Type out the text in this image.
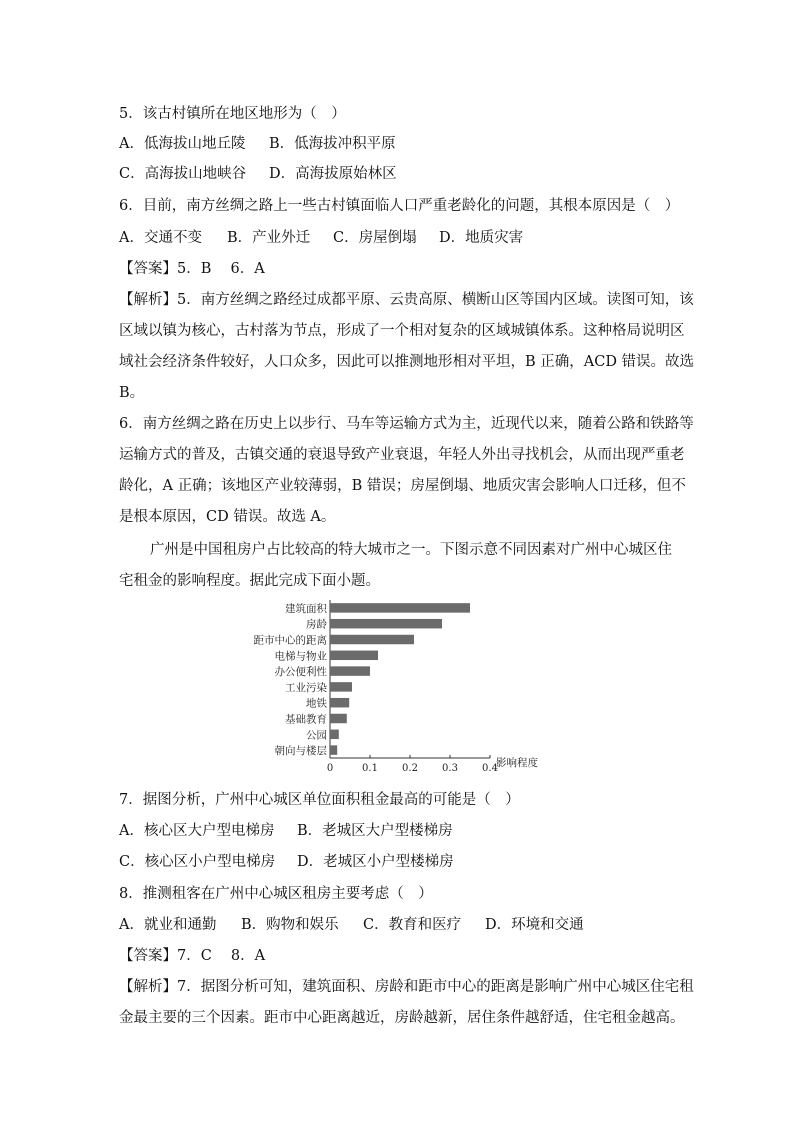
5．该古村镇所在地区地形为（　）
A．低海拔山地丘陵 B．低海拔冲积平原
C．高海拔山地峡谷 D．高海拔原始林区
6．目前，南方丝绸之路上一些古村镇面临人口严重老龄化的问题，其根本原因是（　）
A．交通不变 B．产业外迁 C．房屋倒塌 D．地质灾害
【答案】5．B　 6．A
【解析】5．南方丝绸之路经过成都平原、云贵高原、横断山区等国内区域。读图可知，该
区域以镇为核心，古村落为节点，形成了一个相对复杂的区域城镇体系。这种格局说明区
域社会经济条件较好，人口众多，因此可以推测地形相对平坦，B 正确，ACD 错误。故选
B。
6．南方丝绸之路在历史上以步行、马车等运输方式为主，近现代以来，随着公路和铁路等
运输方式的普及，古镇交通的衰退导致产业衰退，年轻人外出寻找机会，从而出现严重老
龄化，A 正确；该地区产业较薄弱，B 错误；房屋倒塌、地质灾害会影响人口迁移，但不
是根本原因，CD 错误。故选 A。
广州是中国租房户占比较高的特大城市之一。下图示意不同因素对广州中心城区住
宅租金的影响程度。据此完成下面小题。
建筑面积
房龄
距市中心的距离
电梯与物业
办公便利性
工业污染
地铁
基础教育
公园
朝向与楼层
0	0.1 0.2 0.3 0.4
影响程度
7．据图分析，广州中心城区单位面积租金最高的可能是（　）
A．核心区大户型电梯房 B．老城区大户型楼梯房
C．核心区小户型电梯房 D．老城区小户型楼梯房
8．推测租客在广州中心城区租房主要考虑（　）
A．就业和通勤 B．购物和娱乐 C．教育和医疗 D．环境和交通
【答案】7．C　 8．A
【解析】7．据图分析可知，建筑面积、房龄和距市中心的距离是影响广州中心城区住宅租
金最主要的三个因素。距市中心距离越近，房龄越新，居住条件越舒适，住宅租金越高。
